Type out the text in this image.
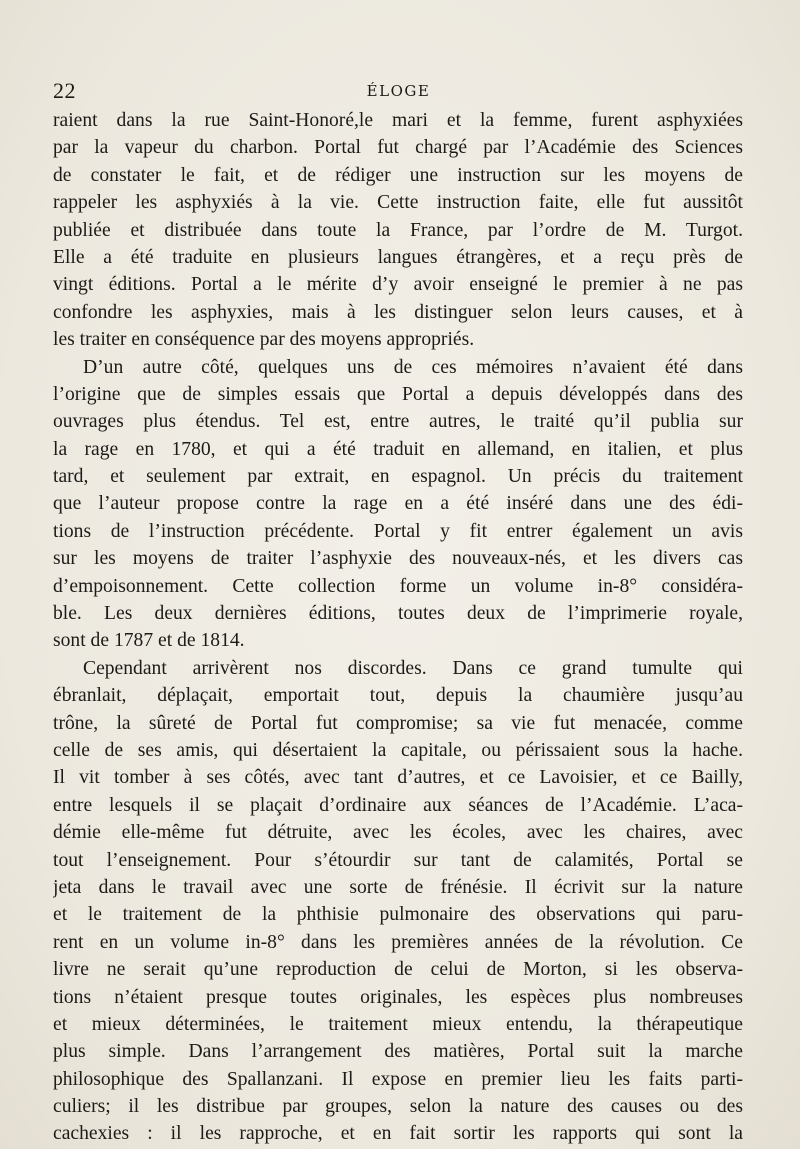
22	ÉLOGE
raient dans la rue Saint-Honoré,le mari et la femme, furent asphyxiées
par la vapeur du charbon. Portal fut chargé par l’Académie des Sciences
de constater le fait, et de rédiger une instruction sur les moyens de
rappeler les asphyxiés à la vie. Cette instruction faite, elle fut aussitôt
publiée et distribuée dans toute la France, par l’ordre de M. Turgot.
Elle a été traduite en plusieurs langues étrangères, et a reçu près de
vingt éditions. Portal a le mérite d’y avoir enseigné le premier à ne pas
confondre les asphyxies, mais à les distinguer selon leurs causes, et à
les traiter en conséquence par des moyens appropriés.
D’un autre côté, quelques uns de ces mémoires n’avaient été dans
l’origine que de simples essais que Portal a depuis développés dans des
ouvrages plus étendus. Tel est, entre autres, le traité qu’il publia sur
la rage en 1780, et qui a été traduit en allemand, en italien, et plus
tard, et seulement par extrait, en espagnol. Un précis du traitement
que l’auteur propose contre la rage en a été inséré dans une des édi-
tions de l’instruction précédente. Portal y fit entrer également un avis
sur les moyens de traiter l’asphyxie des nouveaux-nés, et les divers cas
d’empoisonnement. Cette collection forme un volume in-8° considéra-
ble. Les deux dernières éditions, toutes deux de l’imprimerie royale,
sont de 1787 et de 1814.
Cependant arrivèrent nos discordes. Dans ce grand tumulte qui
ébranlait, déplaçait, emportait tout, depuis la chaumière jusqu’au
trône, la sûreté de Portal fut compromise; sa vie fut menacée, comme
celle de ses amis, qui désertaient la capitale, ou périssaient sous la hache.
Il vit tomber à ses côtés, avec tant d’autres, et ce Lavoisier, et ce Bailly,
entre lesquels il se plaçait d’ordinaire aux séances de l’Académie. L’aca-
démie elle-même fut détruite, avec les écoles, avec les chaires, avec
tout l’enseignement. Pour s’étourdir sur tant de calamités, Portal se
jeta dans le travail avec une sorte de frénésie. Il écrivit sur la nature
et le traitement de la phthisie pulmonaire des observations qui paru-
rent en un volume in-8° dans les premières années de la révolution. Ce
livre ne serait qu’une reproduction de celui de Morton, si les observa-
tions n’étaient presque toutes originales, les espèces plus nombreuses
et mieux déterminées, le traitement mieux entendu, la thérapeutique
plus simple. Dans l’arrangement des matières, Portal suit la marche
philosophique des Spallanzani. Il expose en premier lieu les faits parti-
culiers; il les distribue par groupes, selon la nature des causes ou des
cachexies : il les rapproche, et en fait sortir les rapports qui sont la
